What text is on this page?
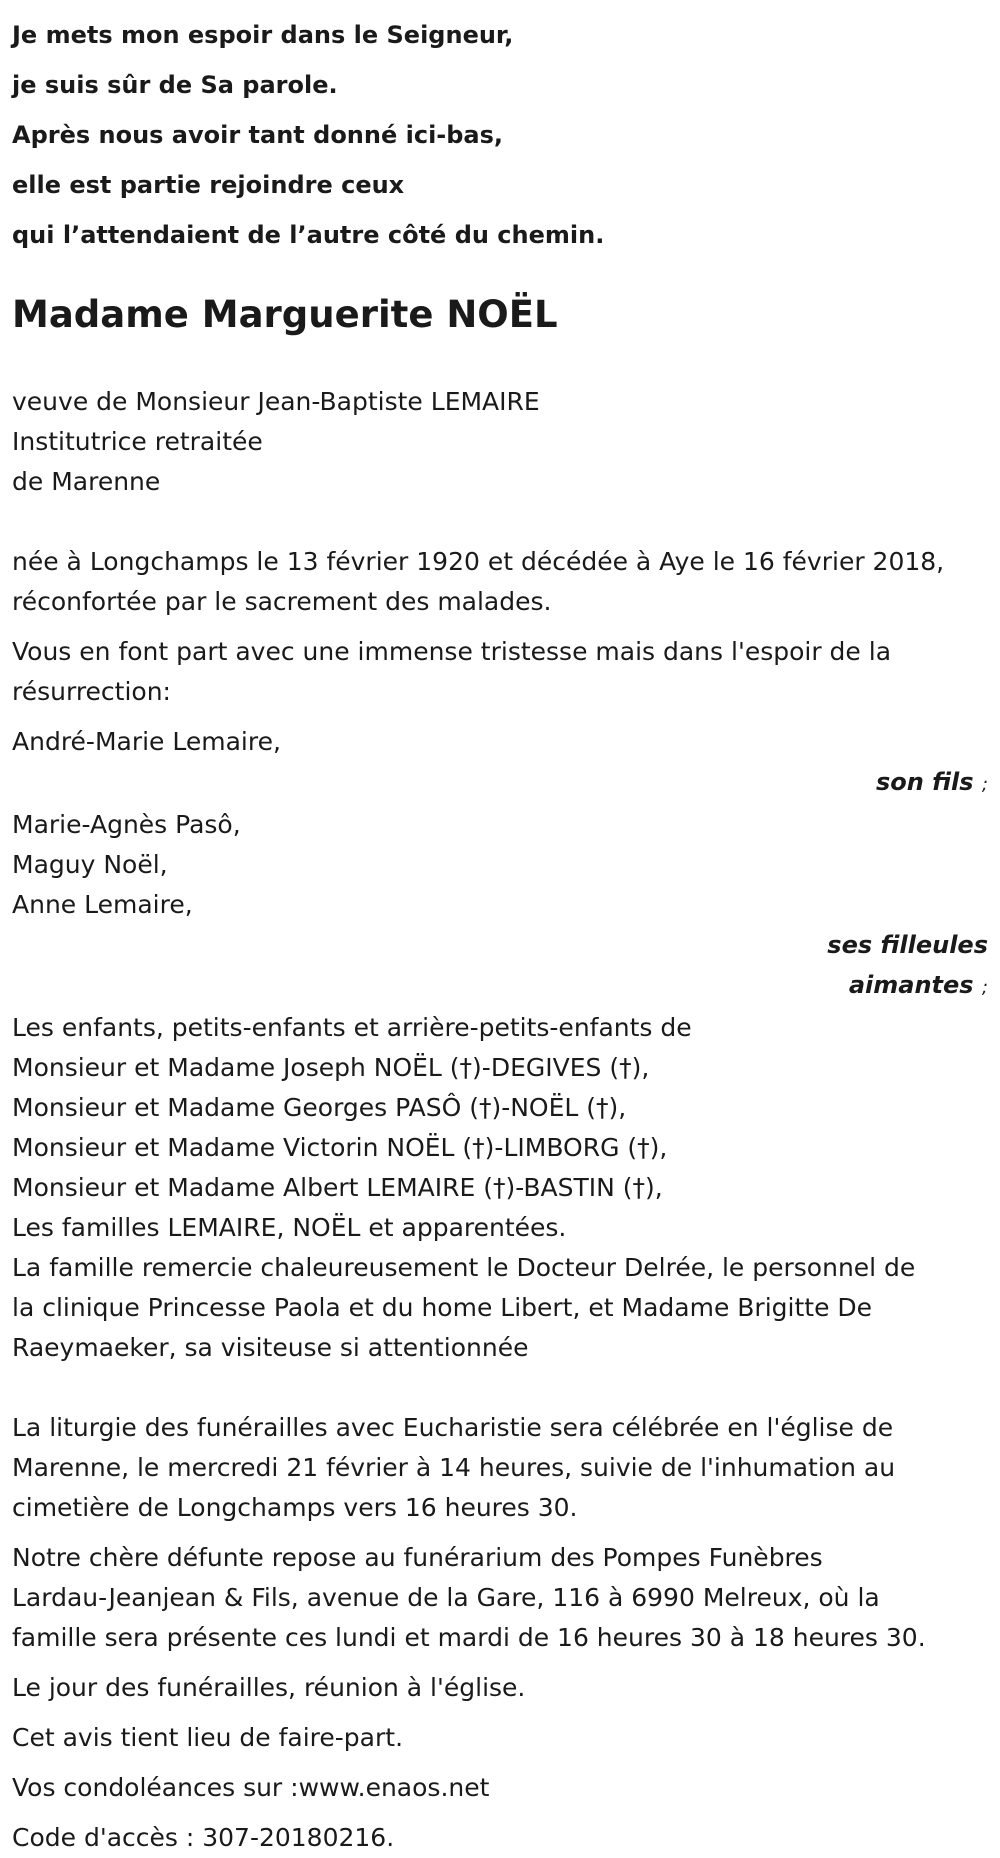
Je mets mon espoir dans le Seigneur,
je suis sûr de Sa parole.
Après nous avoir tant donné ici-bas,
elle est partie rejoindre ceux
qui l’attendaient de l’autre côté du chemin.
Madame Marguerite NOËL
veuve de Monsieur Jean-Baptiste LEMAIRE
Institutrice retraitée
de Marenne
née à Longchamps le 13 février 1920 et décédée à Aye le 16 février 2018,
réconfortée par le sacrement des malades.
Vous en font part avec une immense tristesse mais dans l'espoir de la
résurrection:
André-Marie Lemaire,
son fils ;
Marie-Agnès Pasô,
Maguy Noël,
Anne Lemaire,
ses filleules
aimantes ;
Les enfants, petits-enfants et arrière-petits-enfants de
Monsieur et Madame Joseph NOËL (†)-DEGIVES (†),
Monsieur et Madame Georges PASÔ (†)-NOËL (†),
Monsieur et Madame Victorin NOËL (†)-LIMBORG (†),
Monsieur et Madame Albert LEMAIRE (†)-BASTIN (†),
Les familles LEMAIRE, NOËL et apparentées.
La famille remercie chaleureusement le Docteur Delrée, le personnel de
la clinique Princesse Paola et du home Libert, et Madame Brigitte De
Raeymaeker, sa visiteuse si attentionnée
La liturgie des funérailles avec Eucharistie sera célébrée en l'église de
Marenne, le mercredi 21 février à 14 heures, suivie de l'inhumation au
cimetière de Longchamps vers 16 heures 30.
Notre chère défunte repose au funérarium des Pompes Funèbres
Lardau-Jeanjean & Fils, avenue de la Gare, 116 à 6990 Melreux, où la
famille sera présente ces lundi et mardi de 16 heures 30 à 18 heures 30.
Le jour des funérailles, réunion à l'église.
Cet avis tient lieu de faire-part.
Vos condoléances sur :www.enaos.net
Code d'accès : 307-20180216.
